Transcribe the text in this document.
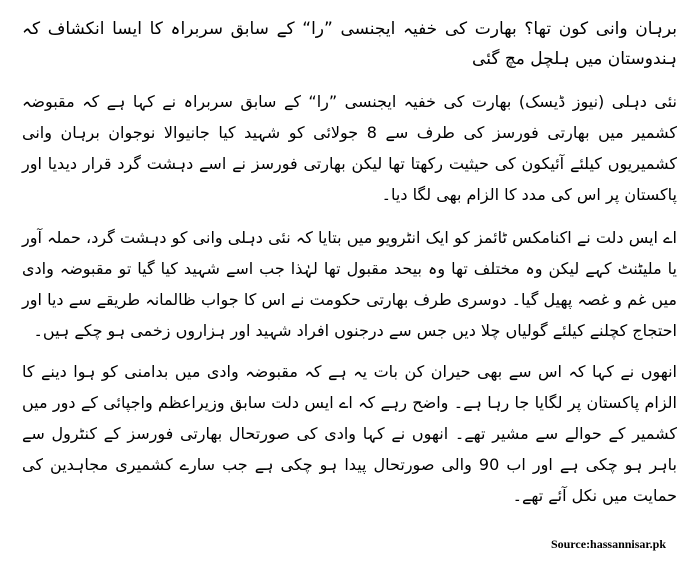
برہان وانی کون تھا؟ بھارت کی خفیہ ایجنسی ”را“ کے سابق سربراہ کا ایسا انکشاف کہ ہندوستان میں ہلچل مچ گئی

نئی دہلی (نیوز ڈیسک) بھارت کی خفیہ ایجنسی ”را“ کے سابق سربراہ نے کہا ہے کہ مقبوضہ کشمیر میں بھارتی فورسز کی طرف سے 8 جولائی کو شہید کیا جانیوالا نوجوان برہان وانی کشمیریوں کیلئے آئیکون کی حیثیت رکھتا تھا لیکن بھارتی فورسز نے اسے دہشت گرد قرار دیدیا اور پاکستان پر اس کی مدد کا الزام بھی لگا دیا۔

اے ایس دلت نے اکنامکس ٹائمز کو ایک انٹرویو میں بتایا کہ نئی دہلی وانی کو دہشت گرد، حملہ آور یا ملیٹنٹ کہے لیکن وہ مختلف تھا وہ بیحد مقبول تھا لہٰذا جب اسے شہید کیا گیا تو مقبوضہ وادی میں غم و غصہ پھیل گیا۔ دوسری طرف بھارتی حکومت نے اس کا جواب ظالمانہ طریقے سے دیا اور احتجاج کچلنے کیلئے گولیاں چلا دیں جس سے درجنوں افراد شہید اور ہزاروں زخمی ہو چکے ہیں۔

انھوں نے کہا کہ اس سے بھی حیران کن بات یہ ہے کہ مقبوضہ وادی میں بدامنی کو ہوا دینے کا الزام پاکستان پر لگایا جا رہا ہے۔ واضح رہے کہ اے ایس دلت سابق وزیراعظم واجپائی کے دور میں کشمیر کے حوالے سے مشیر تھے۔ انھوں نے کہا وادی کی صورتحال بھارتی فورسز کے کنٹرول سے باہر ہو چکی ہے اور اب 90 والی صورتحال پیدا ہو چکی ہے جب سارے کشمیری مجاہدین کی حمایت میں نکل آئے تھے۔

Source:hassannisar.pk
